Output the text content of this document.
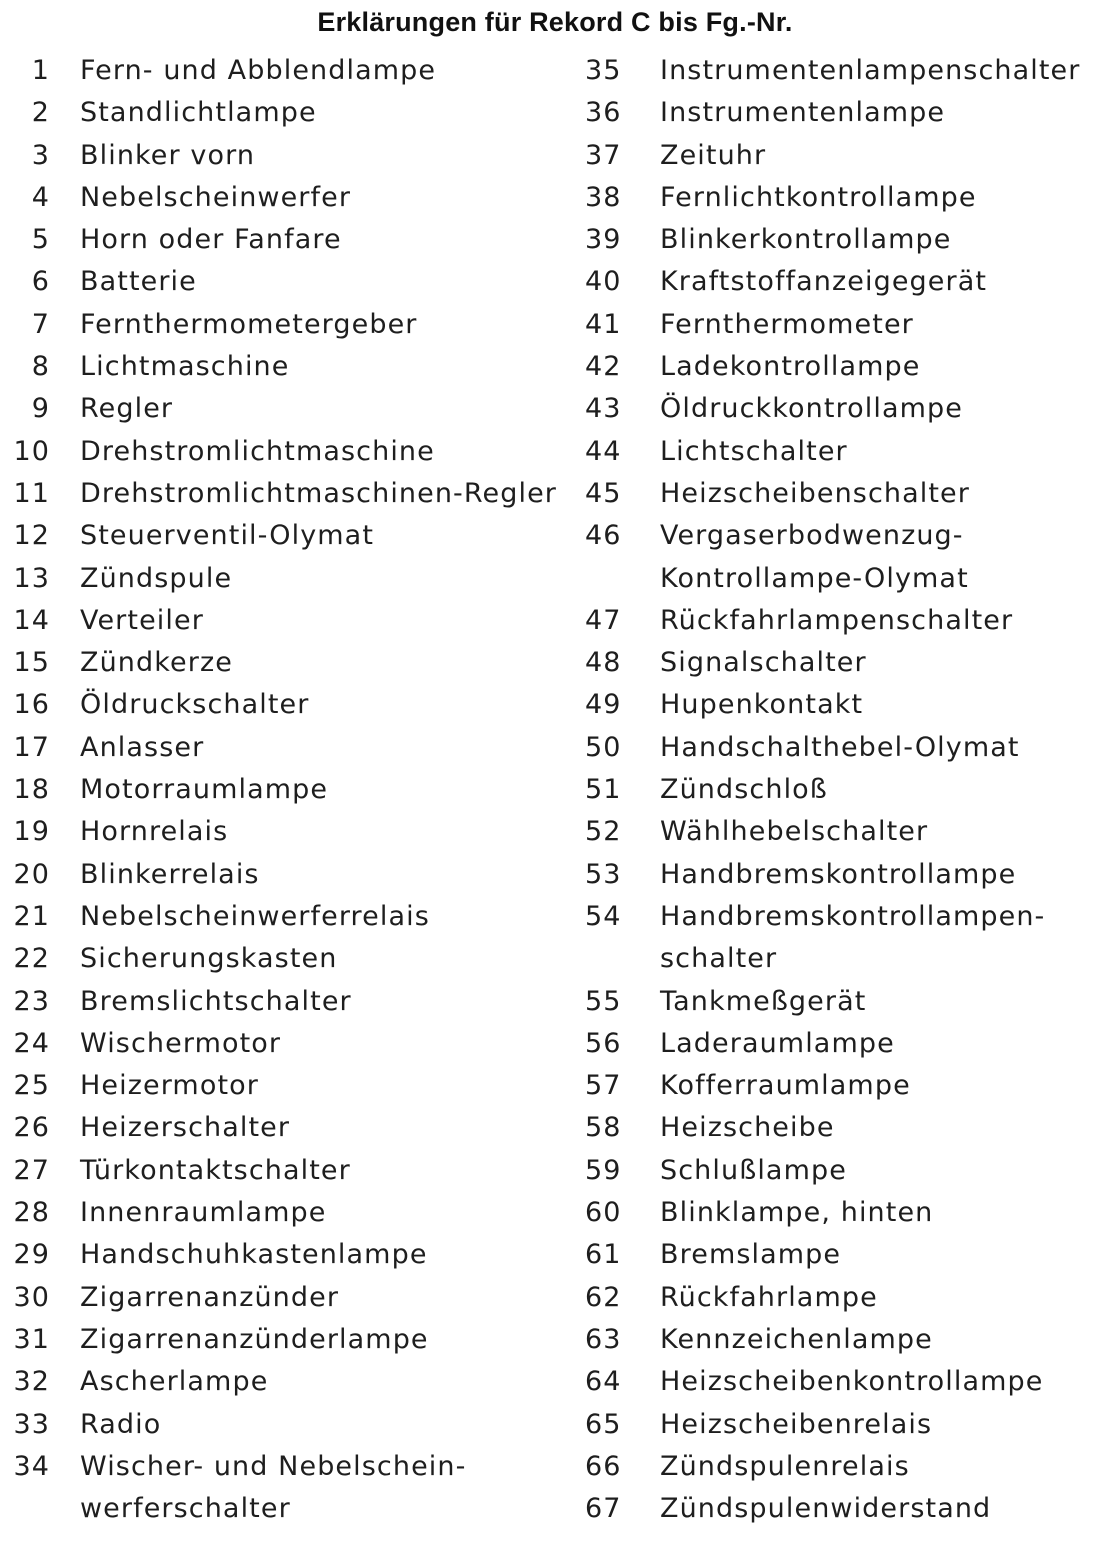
Erklärungen für Rekord C bis Fg.-Nr.
1	Fern- und Abblendlampe
2	Standlichtlampe
3	Blinker vorn
4	Nebelscheinwerfer
5	Horn oder Fanfare
6	Batterie
7	Fernthermometergeber
8	Lichtmaschine
9	Regler
10	Drehstromlichtmaschine
11	Drehstromlichtmaschinen-Regler
12	Steuerventil-Olymat
13	Zündspule
14	Verteiler
15	Zündkerze
16	Öldruckschalter
17	Anlasser
18	Motorraumlampe
19	Hornrelais
20	Blinkerrelais
21	Nebelscheinwerferrelais
22	Sicherungskasten
23	Bremslichtschalter
24	Wischermotor
25	Heizermotor
26	Heizerschalter
27	Türkontaktschalter
28	Innenraumlampe
29	Handschuhkastenlampe
30	Zigarrenanzünder
31	Zigarrenanzünderlampe
32	Ascherlampe
33	Radio
34	Wischer- und Nebelschein-
werferschalter
35	Instrumentenlampenschalter
36	Instrumentenlampe
37	Zeituhr
38	Fernlichtkontrollampe
39	Blinkerkontrollampe
40	Kraftstoffanzeigegerät
41	Fernthermometer
42	Ladekontrollampe
43	Öldruckkontrollampe
44	Lichtschalter
45	Heizscheibenschalter
46	Vergaserbodwenzug-
Kontrollampe-Olymat
47	Rückfahrlampenschalter
48	Signalschalter
49	Hupenkontakt
50	Handschalthebel-Olymat
51	Zündschloß
52	Wählhebelschalter
53	Handbremskontrollampe
54	Handbremskontrollampen-
schalter
55	Tankmeßgerät
56	Laderaumlampe
57	Kofferraumlampe
58	Heizscheibe
59	Schlußlampe
60	Blinklampe, hinten
61	Bremslampe
62	Rückfahrlampe
63	Kennzeichenlampe
64	Heizscheibenkontrollampe
65	Heizscheibenrelais
66	Zündspulenrelais
67	Zündspulenwiderstand
